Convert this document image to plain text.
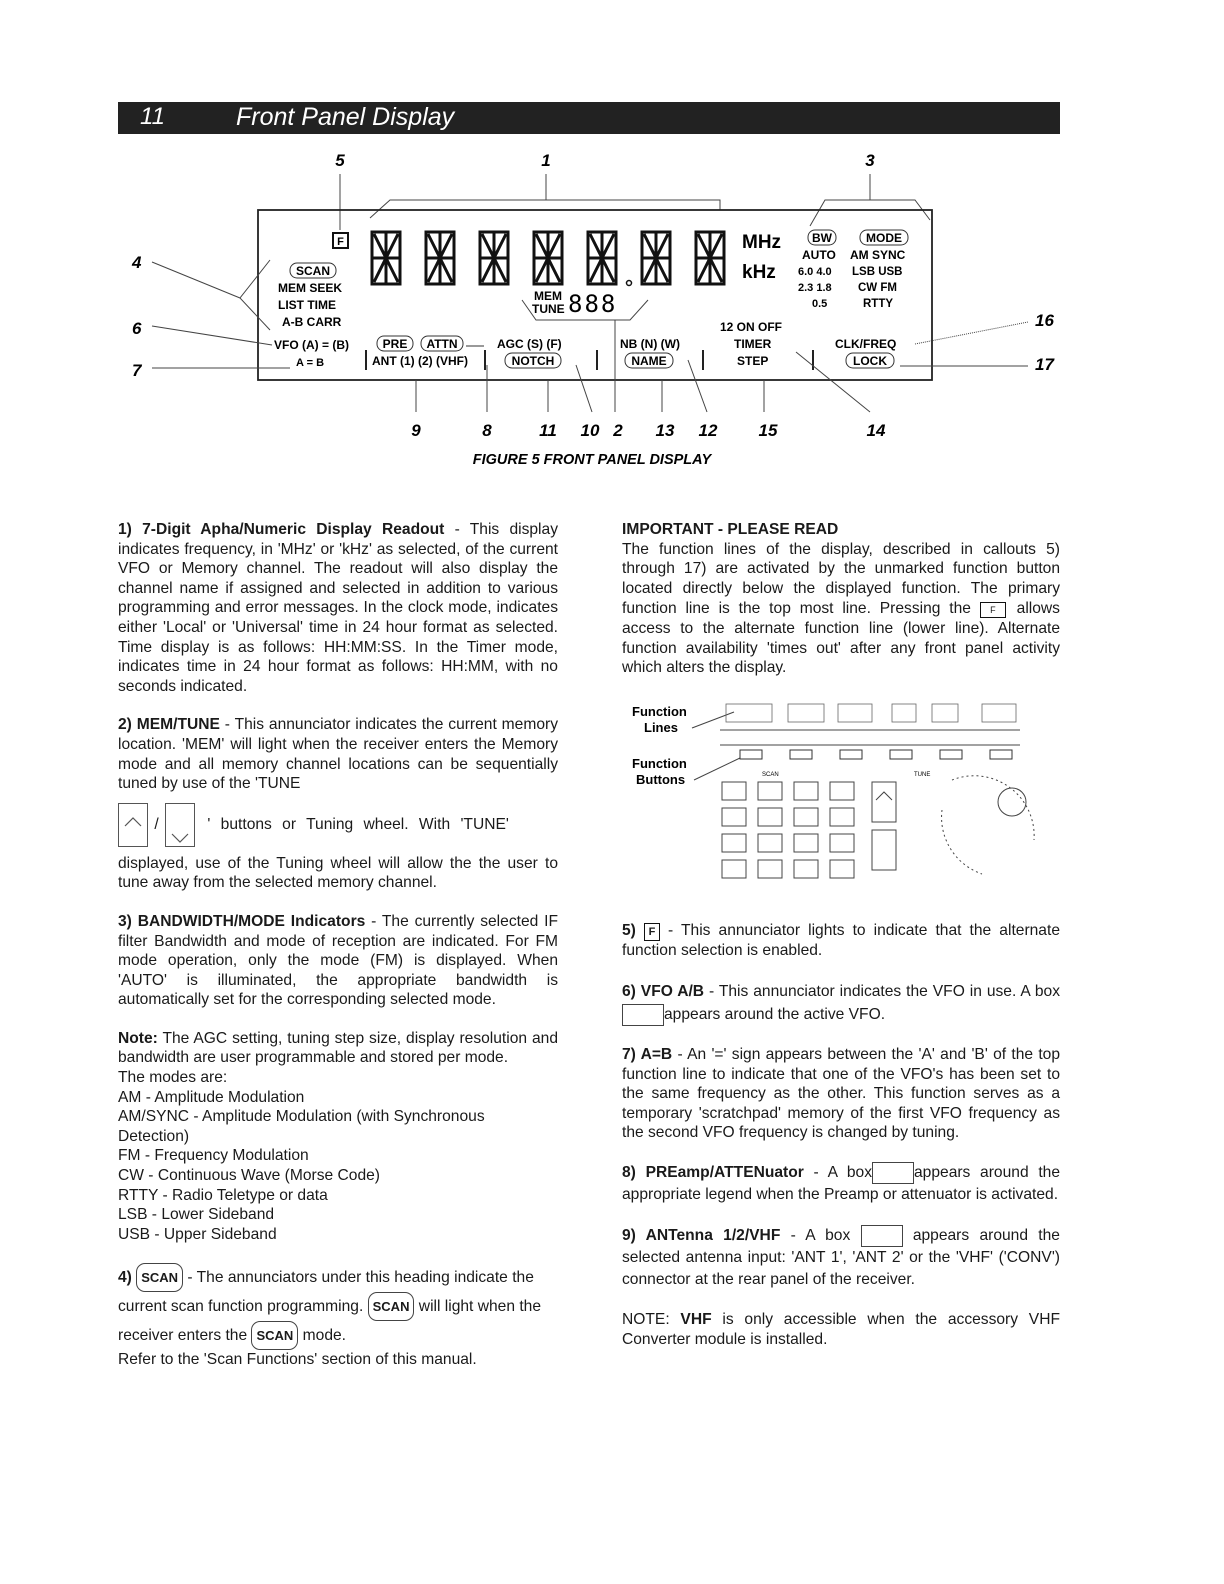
11	Front Panel Display
5	1	3
F	MHz
kHz
SCAN
MEM SEEK
LIST TIME
A-B CARR
VFO (A) = (B)
A = B
MEM
TUNE 888
PRE ATTN
ANT (1) (2) (VHF)
AGC (S) (F)
NOTCH
NB (N) (W)
NAME
12 ON OFF
TIMER
STEP
CLK/FREQ
LOCK
BW	MODE
AUTO AM SYNC
6.0 4.0 LSB USB
2.3 1.8 CW FM
0.5	RTTY
4
6
7
16
17
9	8	11 10 2 13 12 15	14
FIGURE 5 FRONT PANEL DISPLAY

1) 7-Digit Apha/Numeric Display Readout - This display indicates frequency, in 'MHz' or 'kHz' as selected, of the current VFO or Memory channel. The readout will also display the channel name if assigned and selected in addition to various programming and error messages. In the clock mode, indicates either 'Local' or 'Universal' time in 24 hour format as selected. Time display is as follows: HH:MM:SS. In the Timer mode, indicates time in 24 hour format as follows: HH:MM, with no seconds indicated.

2) MEM/TUNE - This annunciator indicates the current memory location. 'MEM' will light when the receiver enters the Memory mode and all memory channel locations can be sequentially tuned by use of the 'TUNE

/	' buttons or Tuning wheel. With 'TUNE'

displayed, use of the Tuning wheel will allow the the user to tune away from the selected memory channel.

3) BANDWIDTH/MODE Indicators - The currently selected IF filter Bandwidth and mode of reception are indicated. For FM mode operation, only the mode (FM) is displayed. When 'AUTO' is illuminated, the appropriate bandwidth is automatically set for the corresponding selected mode.

Note: The AGC setting, tuning step size, display resolution and bandwidth are user programmable and stored per mode.

The modes are:
AM - Amplitude Modulation
AM/SYNC - Amplitude Modulation (with Synchronous Detection)
FM - Frequency Modulation
CW - Continuous Wave (Morse Code)
RTTY - Radio Teletype or data
LSB - Lower Sideband
USB - Upper Sideband

4) SCAN - The annunciators under this heading indicate the current scan function programming. SCAN will light when the receiver enters the SCAN mode.

Refer to the 'Scan Functions' section of this manual.

IMPORTANT - PLEASE READ
The function lines of the display, described in callouts 5) through 17) are activated by the unmarked function button located directly below the displayed function. The primary function line is the top most line. Pressing the F allows access to the alternate function line (lower line). Alternate function availability 'times out' after any front panel activity which alters the display.
Function
Lines
Function
Buttons	SCAN	TUNE

5) F - This annunciator lights to indicate that the alternate function selection is enabled.

6) VFO A/B - This annunciator indicates the VFO in use. A boxappears around the active VFO.

7) A=B - An '=' sign appears between the 'A' and 'B' of the top function line to indicate that one of the VFO's has been set to the same frequency as the other. This function serves as a temporary 'scratchpad' memory of the first VFO frequency as the second VFO frequency is changed by tuning.

8) PREamp/ATTENuator - A box	appears around the appropriate legend when the Preamp or attenuator is activated.

9) ANTenna 1/2/VHF - A box	appears around the selected antenna input: 'ANT 1', 'ANT 2' or the 'VHF' ('CONV') connector at the rear panel of the receiver.

NOTE: VHF is only accessible when the accessory VHF Converter module is installed.
